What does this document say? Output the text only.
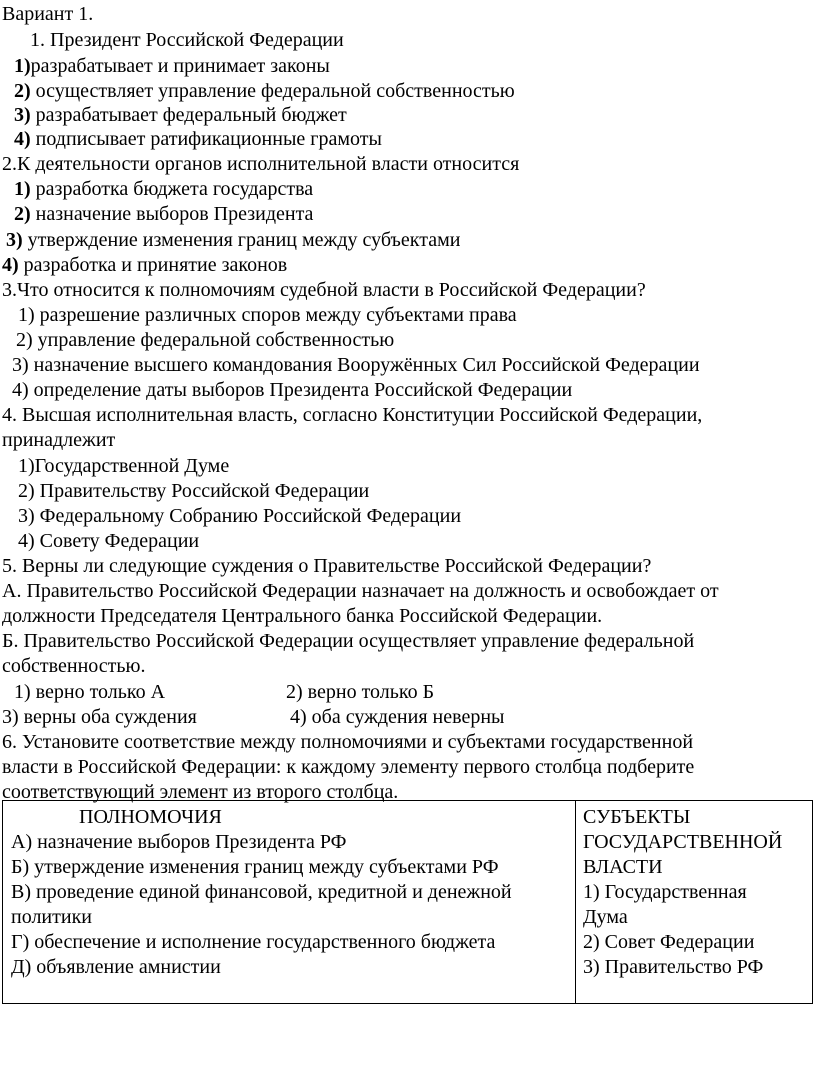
Вариант 1.
1. Президент Российской Федерации
1)разрабатывает и принимает законы
2) осуществляет управление федеральной собственностью
3) разрабатывает федеральный бюджет
4) подписывает ратификационные грамоты
2.К деятельности органов исполнительной власти относится
1) разработка бюджета государства
2) назначение выборов Президента
3) утверждение изменения границ между субъектами
4) разработка и принятие законов
3.Что относится к полномочиям судебной власти в Российской Федерации?
1) разрешение различных споров между субъектами права
2) управление федеральной собственностью
3) назначение высшего командования Вооружённых Сил Российской Федерации
4) определение даты выборов Президента Российской Федерации
4. Высшая исполнительная власть, согласно Конституции Российской Федерации,
принадлежит
1)Государственной Думе
2) Правительству Российской Федерации
3) Федеральному Собранию Российской Федерации
4) Совету Федерации
5. Верны ли следующие суждения о Правительстве Российской Федерации?
А. Правительство Российской Федерации назначает на должность и освобождает от
должности Председателя Центрального банка Российской Федерации.
Б. Правительство Российской Федерации осуществляет управление федеральной
собственностью.
1) верно только А	2) верно только Б
3) верны оба суждения	4) оба суждения неверны
6. Установите соответствие между полномочиями и субъектами государственной
власти в Российской Федерации: к каждому элементу первого столбца подберите
соответствующий элемент из второго столбца.
ПОЛНОМОЧИЯ
А) назначение выборов Президента РФ
Б) утверждение изменения границ между субъектами РФ
В) проведение единой финансовой, кредитной и денежной
политики
Г) обеспечение и исполнение государственного бюджета
Д) объявление амнистии
СУБЪЕКТЫ
ГОСУДАРСТВЕННОЙ
ВЛАСТИ
1) Государственная
Дума
2) Совет Федерации
3) Правительство РФ
